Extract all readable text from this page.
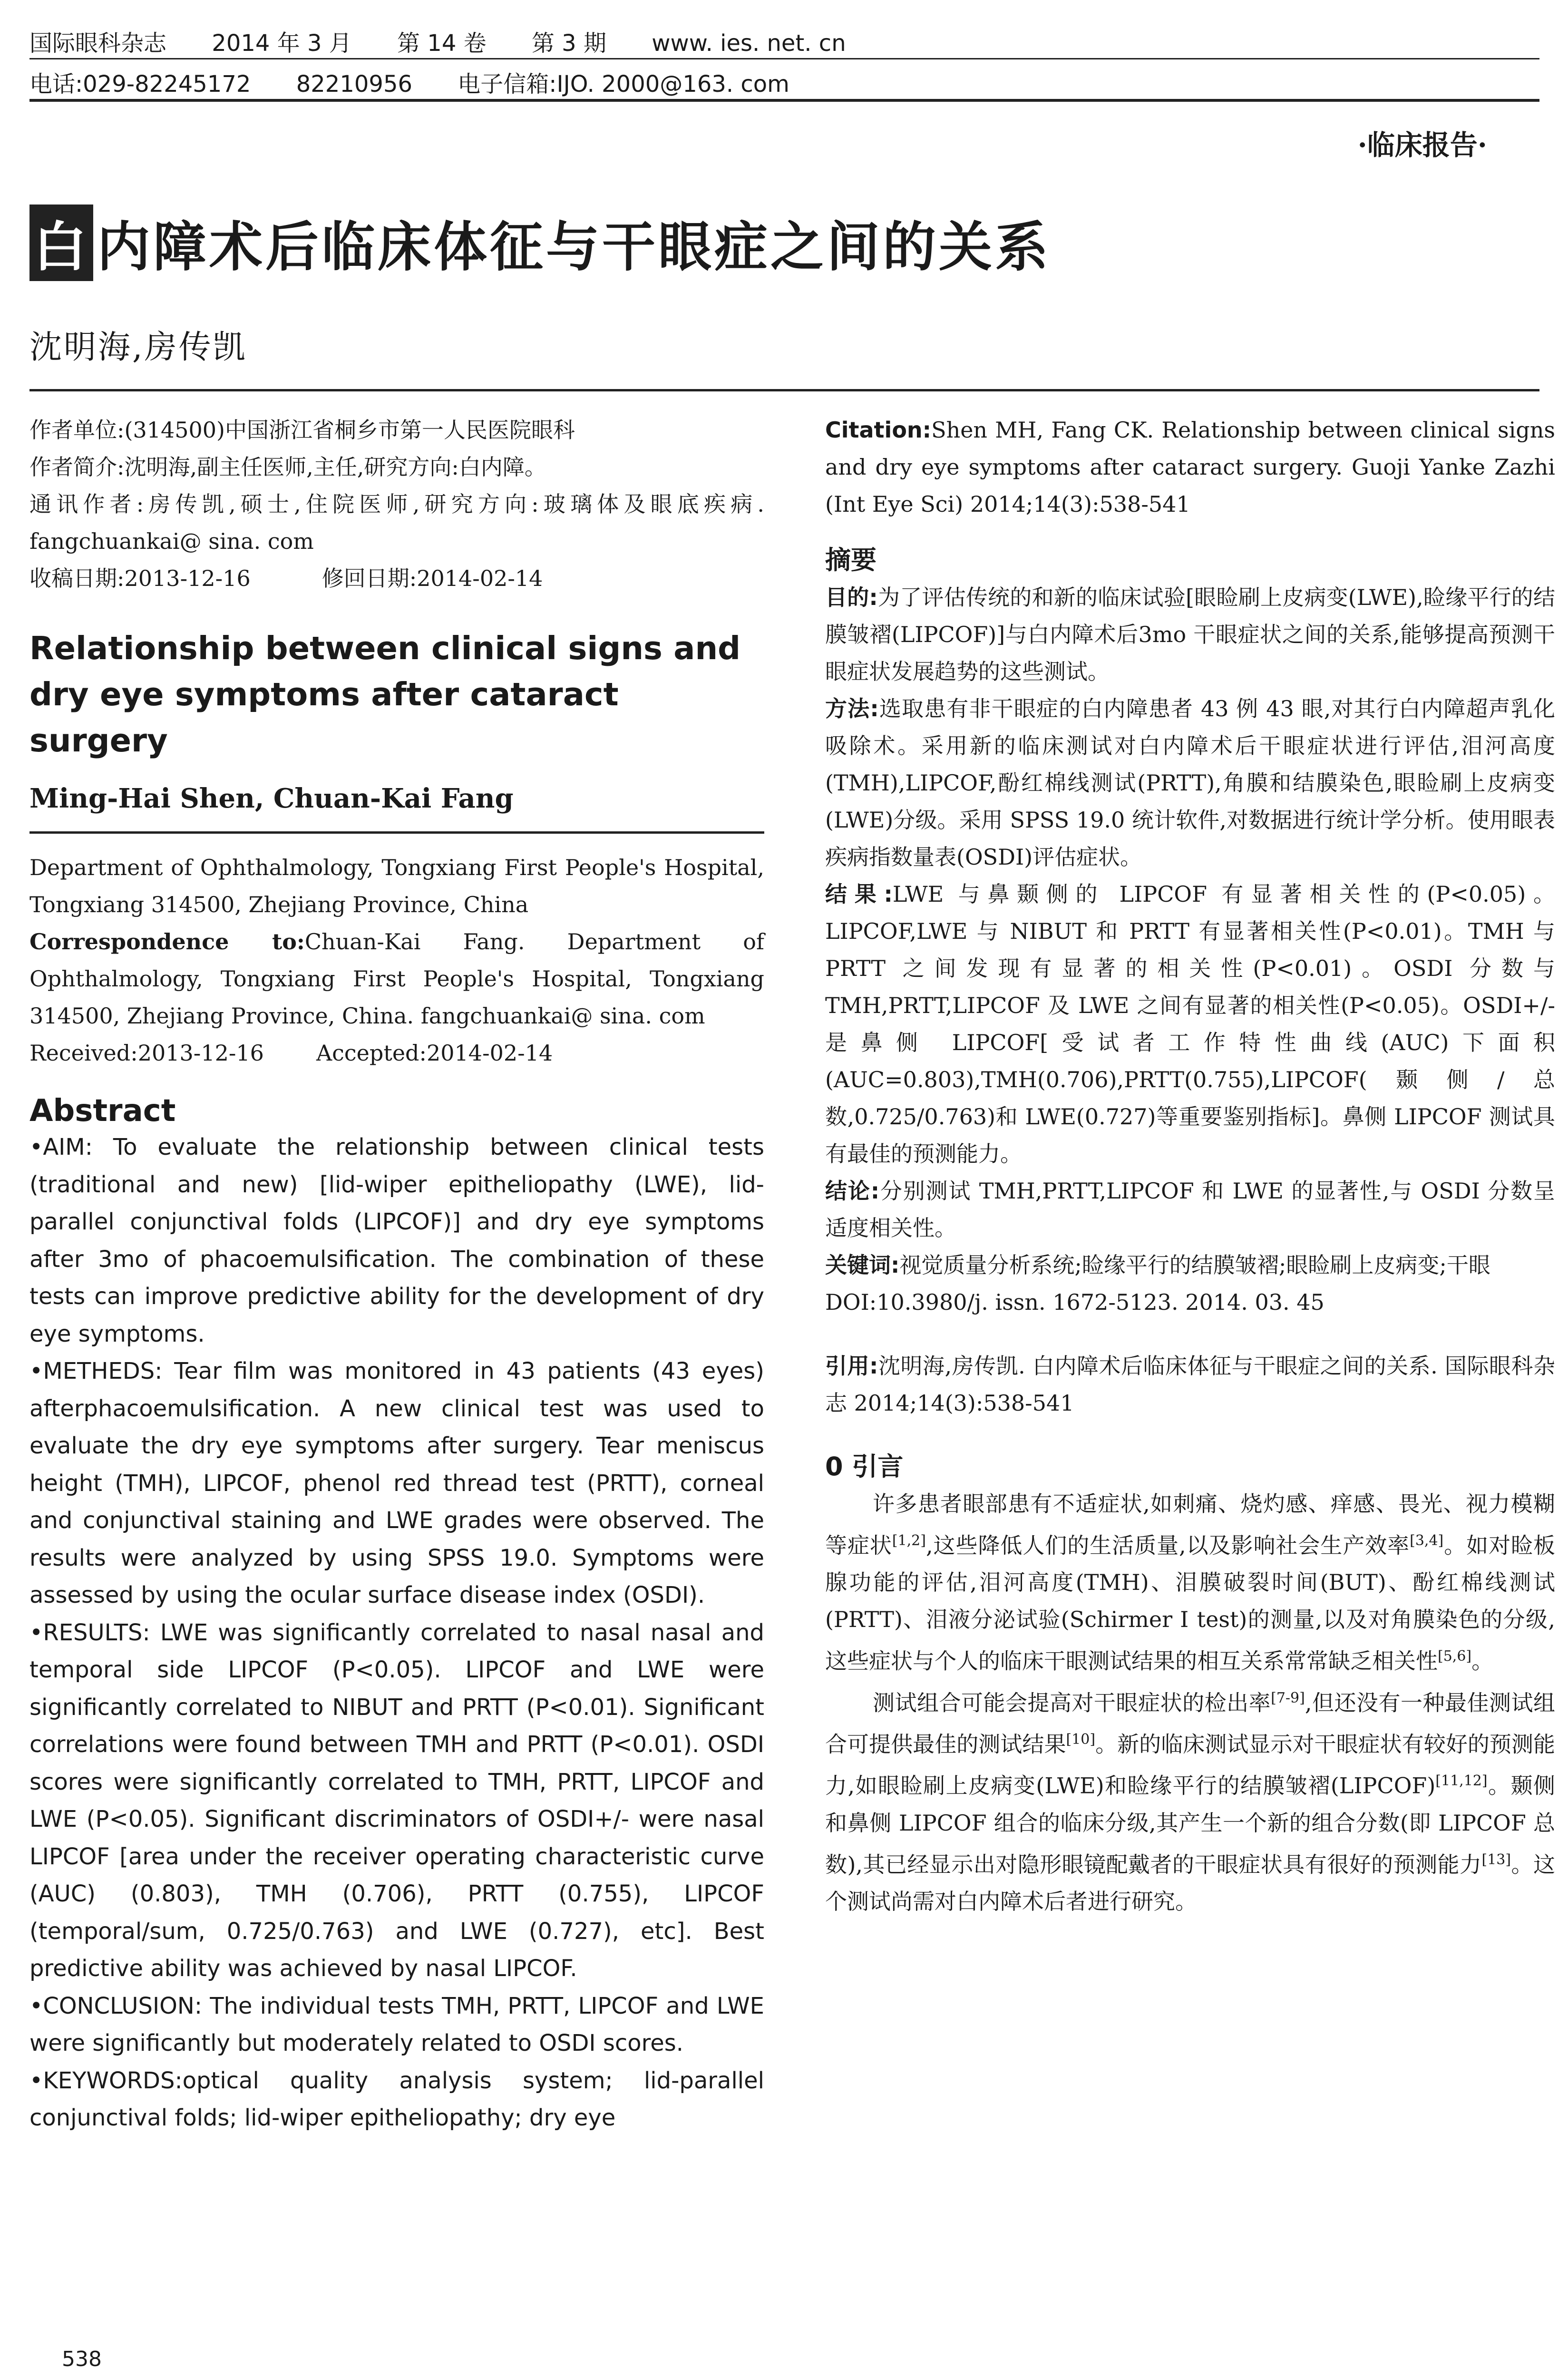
国际眼科杂志 2014 年 3 月 第 14 卷 第 3 期 www. ies. net. cn
电话:029-82245172 82210956 电子信箱:IJO. 2000@163. com
·临床报告·
白 内障术后临床体征与干眼症之间的关系
沈明海,房传凯

作者单位:(314500)中国浙江省桐乡市第一人民医院眼科

作者简介:沈明海,副主任医师,主任,研究方向:白内障。

通讯作者:房传凯,硕士,住院医师,研究方向:玻璃体及眼底疾病. fangchuankai@ sina. com

收稿日期:2013-12-16	修回日期:2014-02-14

Relationship between clinical signs and dry eye symptoms after cataract surgery

Ming-Hai Shen, Chuan-Kai Fang

Department of Ophthalmology, Tongxiang First People's Hospital, Tongxiang 314500, Zhejiang Province, China

Correspondence to:Chuan-Kai Fang. Department of Ophthalmology, Tongxiang First People's Hospital, Tongxiang 314500, Zhejiang Province, China. fangchuankai@ sina. com

Received:2013-12-16 Accepted:2014-02-14

Abstract

•AIM: To evaluate the relationship between clinical tests (traditional and new) [lid-wiper epitheliopathy (LWE), lid- parallel conjunctival folds (LIPCOF)] and dry eye symptoms after 3mo of phacoemulsification. The combination of these tests can improve predictive ability for the development of dry eye symptoms.

•METHEDS: Tear film was monitored in 43 patients (43 eyes) afterphacoemulsification. A new clinical test was used to evaluate the dry eye symptoms after surgery. Tear meniscus height (TMH), LIPCOF, phenol red thread test (PRTT), corneal and conjunctival staining and LWE grades were observed. The results were analyzed by using SPSS 19.0. Symptoms were assessed by using the ocular surface disease index (OSDI).

•RESULTS: LWE was significantly correlated to nasal nasal and temporal side LIPCOF (P<0.05). LIPCOF and LWE were significantly correlated to NIBUT and PRTT (P<0.01). Significant correlations were found between TMH and PRTT (P<0.01). OSDI scores were significantly correlated to TMH, PRTT, LIPCOF and LWE (P<0.05). Significant discriminators of OSDI+/- were nasal LIPCOF [area under the receiver operating characteristic curve (AUC) (0.803), TMH (0.706), PRTT (0.755), LIPCOF (temporal/sum, 0.725/0.763) and LWE (0.727), etc]. Best predictive ability was achieved by nasal LIPCOF.

•CONCLUSION: The individual tests TMH, PRTT, LIPCOF and LWE were significantly but moderately related to OSDI scores.

•KEYWORDS:optical quality analysis system; lid-parallel conjunctival folds; lid-wiper epitheliopathy; dry eye

Citation:Shen MH, Fang CK. Relationship between clinical signs and dry eye symptoms after cataract surgery. Guoji Yanke Zazhi (Int Eye Sci) 2014;14(3):538-541

摘要

目的:为了评估传统的和新的临床试验[眼睑刷上皮病变(LWE),睑缘平行的结膜皱褶(LIPCOF)]与白内障术后3mo 干眼症状之间的关系,能够提高预测干眼症状发展趋势的这些测试。

方法:选取患有非干眼症的白内障患者 43 例 43 眼,对其行白内障超声乳化吸除术。采用新的临床测试对白内障术后干眼症状进行评估,泪河高度(TMH),LIPCOF,酚红棉线测试(PRTT),角膜和结膜染色,眼睑刷上皮病变(LWE)分级。采用 SPSS 19.0 统计软件,对数据进行统计学分析。使用眼表疾病指数量表(OSDI)评估症状。

结果:LWE 与鼻颞侧的 LIPCOF 有显著相关性的(P<0.05)。LIPCOF,LWE 与 NIBUT 和 PRTT 有显著相关性(P<0.01)。TMH 与 PRTT 之间发现有显著的相关性(P<0.01)。OSDI 分数与 TMH,PRTT,LIPCOF 及 LWE 之间有显著的相关性(P<0.05)。OSDI+/-是鼻侧 LIPCOF[受试者工作特性曲线(AUC)下面积(AUC=0.803),TMH(0.706),PRTT(0.755),LIPCOF(颞侧/总数,0.725/0.763)和 LWE(0.727)等重要鉴别指标]。鼻侧 LIPCOF 测试具有最佳的预测能力。

结论:分别测试 TMH,PRTT,LIPCOF 和 LWE 的显著性,与 OSDI 分数呈适度相关性。

关键词:视觉质量分析系统;睑缘平行的结膜皱褶;眼睑刷上皮病变;干眼

DOI:10.3980/j. issn. 1672-5123. 2014. 03. 45

引用:沈明海,房传凯. 白内障术后临床体征与干眼症之间的关系. 国际眼科杂志 2014;14(3):538-541

0 引言

许多患者眼部患有不适症状,如刺痛、烧灼感、痒感、畏光、视力模糊等症状[1,2],这些降低人们的生活质量,以及影响社会生产效率[3,4]。如对睑板腺功能的评估,泪河高度(TMH)、泪膜破裂时间(BUT)、酚红棉线测试(PRTT)、泪液分泌试验(Schirmer Ⅰ test)的测量,以及对角膜染色的分级,这些症状与个人的临床干眼测试结果的相互关系常常缺乏相关性[5,6]。

测试组合可能会提高对干眼症状的检出率[7-9],但还没有一种最佳测试组合可提供最佳的测试结果[10]。新的临床测试显示对干眼症状有较好的预测能力,如眼睑刷上皮病变(LWE)和睑缘平行的结膜皱褶(LIPCOF)[11,12]。颞侧和鼻侧 LIPCOF 组合的临床分级,其产生一个新的组合分数(即 LIPCOF 总数),其已经显示出对隐形眼镜配戴者的干眼症状具有很好的预测能力[13]。这个测试尚需对白内障术后者进行研究。

538
